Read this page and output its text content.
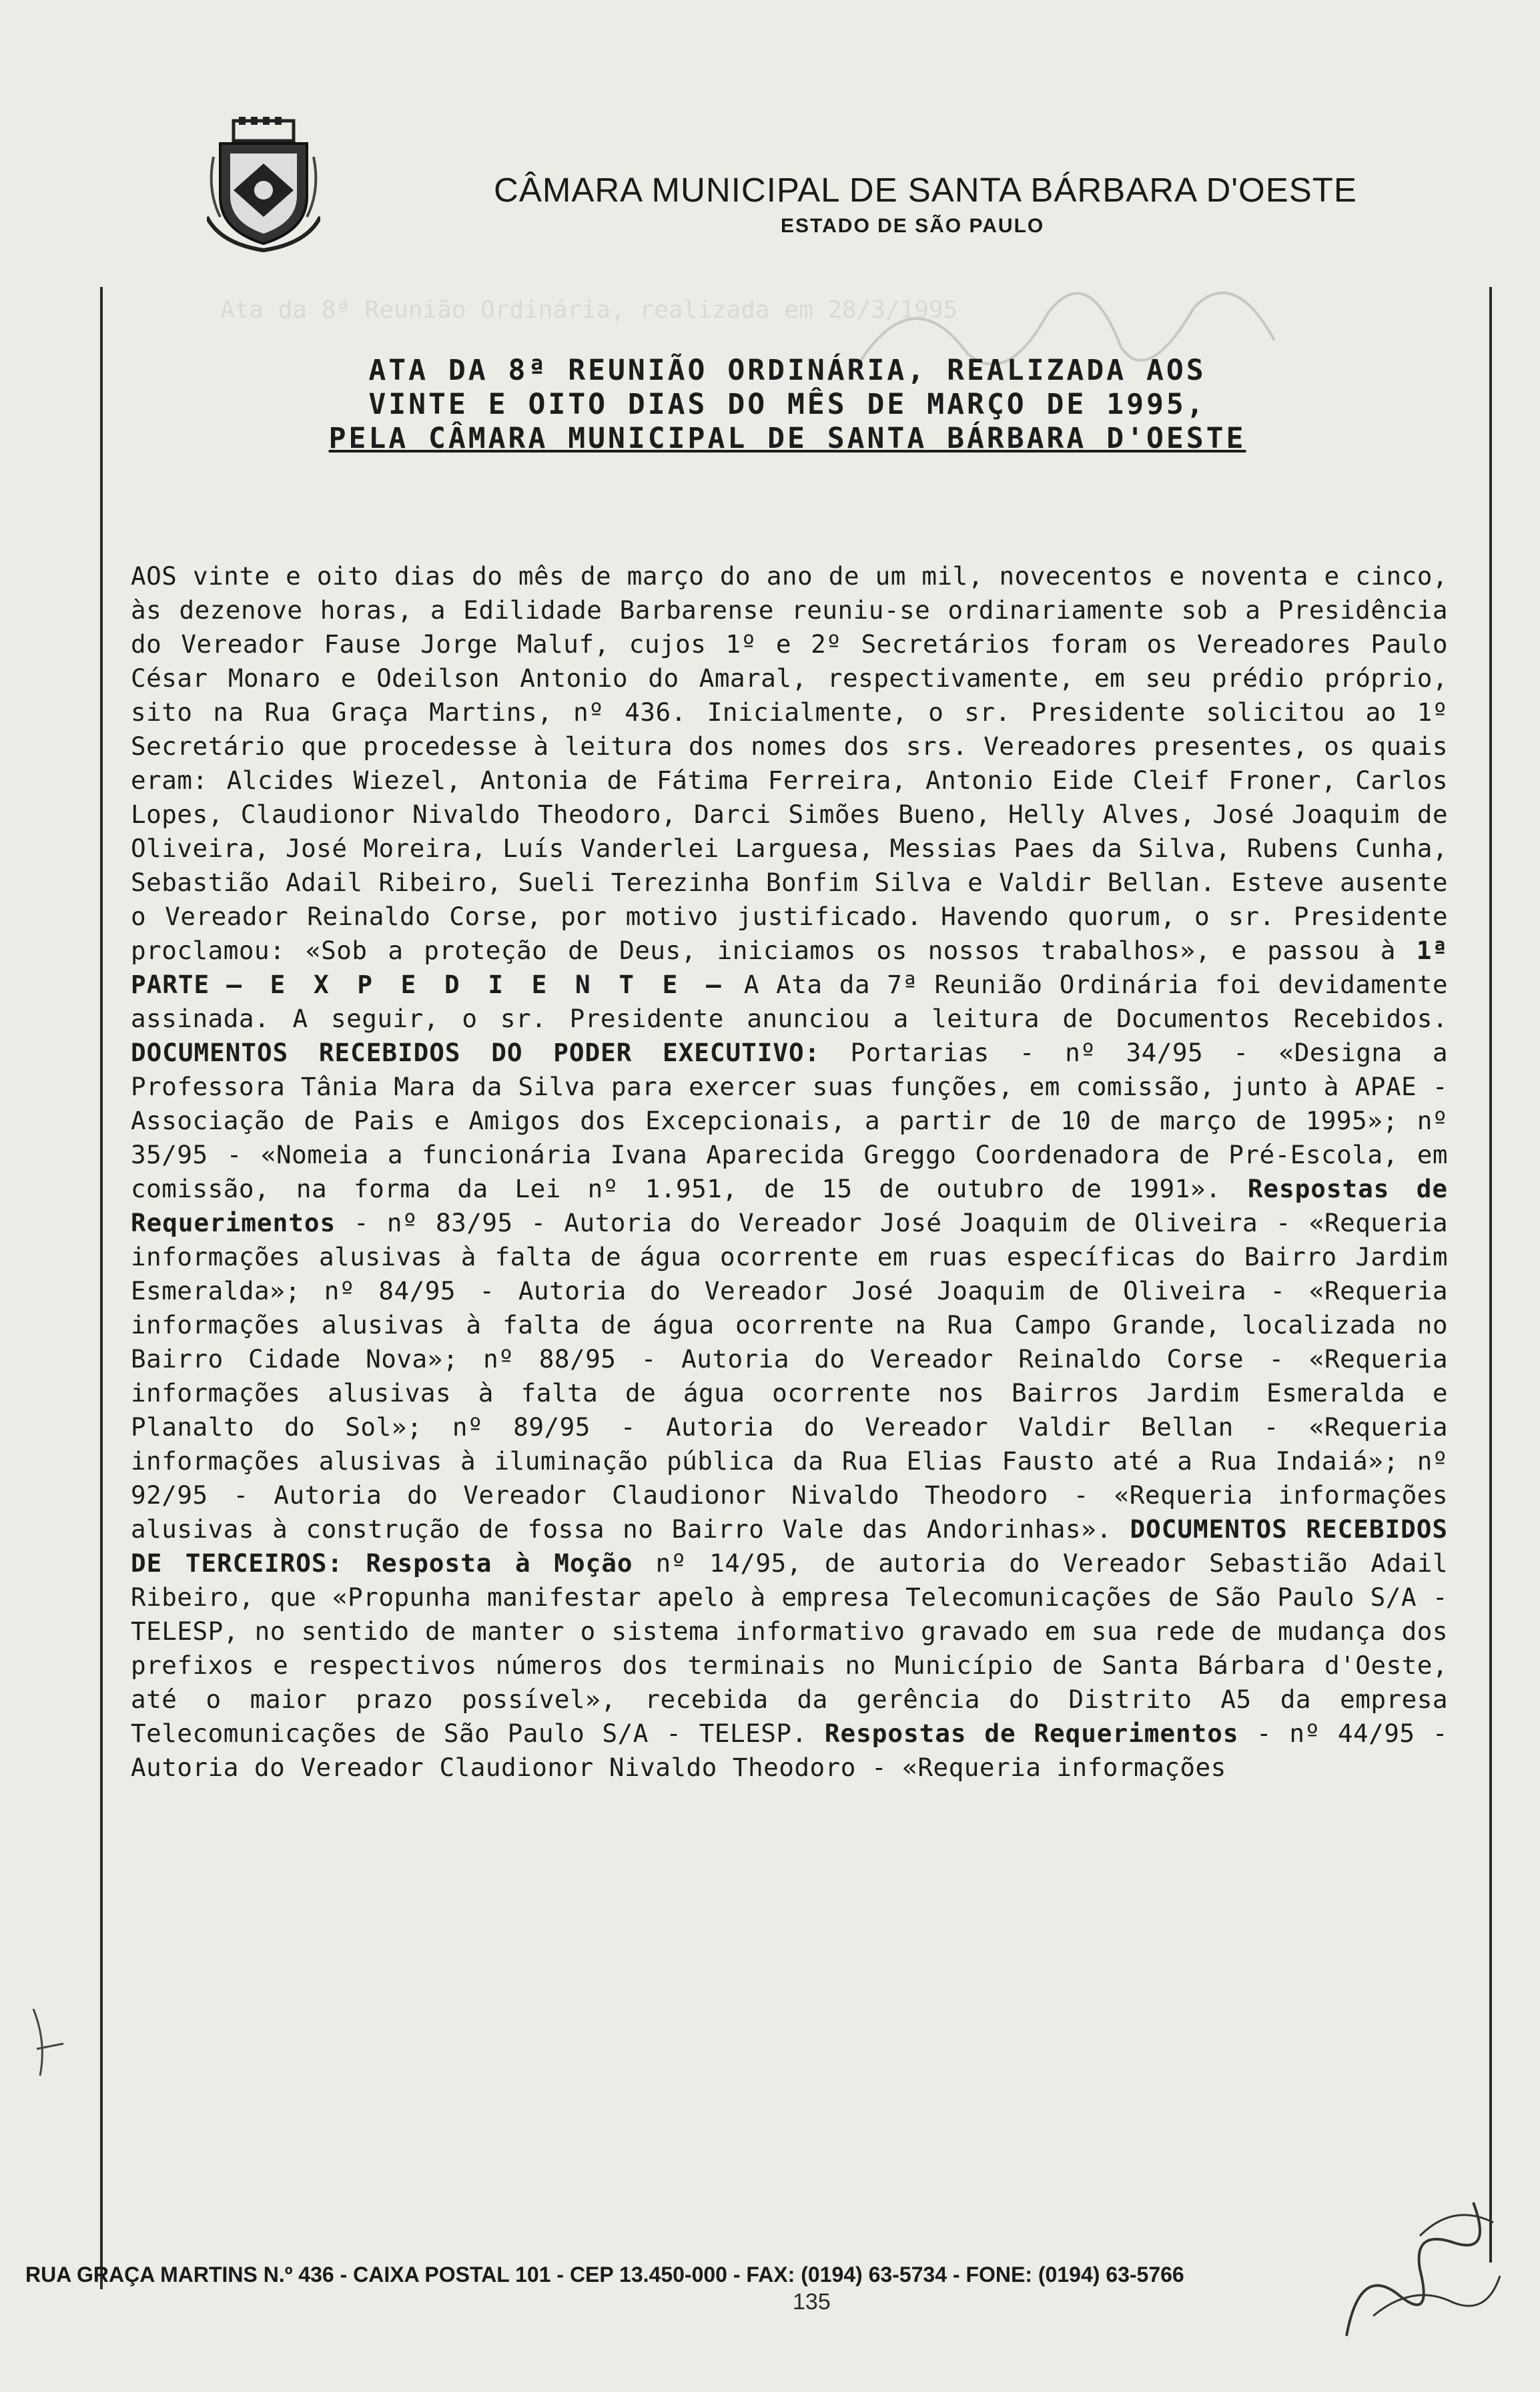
Ata da 8ª Reunião Ordinária, realizada em 28/3/1995
CÂMARA MUNICIPAL DE SANTA BÁRBARA D'OESTE
ESTADO DE SÃO PAULO
ATA DA 8ª REUNIÃO ORDINÁRIA, REALIZADA AOS
VINTE E OITO DIAS DO MÊS DE MARÇO DE 1995,
PELA CÂMARA MUNICIPAL DE SANTA BÁRBARA D'OESTE

AOS vinte e oito dias do mês de março do ano de um mil, novecentos e noventa e cinco, às dezenove horas, a Edilidade Barbarense reuniu-se ordinariamente sob a Presidência do Vereador Fause Jorge Maluf, cujos 1º e 2º Secretários foram os Vereadores Paulo César Monaro e Odeilson Antonio do Amaral, respectivamente, em seu prédio próprio, sito na Rua Graça Martins, nº 436. Inicialmente, o sr. Presidente solicitou ao 1º Secretário que procedesse à leitura dos nomes dos srs. Vereadores presentes, os quais eram: Alcides Wiezel, Antonia de Fátima Ferreira, Antonio Eide Cleif Froner, Carlos Lopes, Claudionor Nivaldo Theodoro, Darci Simões Bueno, Helly Alves, José Joaquim de Oliveira, José Moreira, Luís Vanderlei Larguesa, Messias Paes da Silva, Rubens Cunha, Sebastião Adail Ribeiro, Sueli Terezinha Bonfim Silva e Valdir Bellan. Esteve ausente o Vereador Reinaldo Corse, por motivo justificado. Havendo quorum, o sr. Presidente proclamou: «Sob a proteção de Deus, iniciamos os nossos trabalhos», e passou à 1ª PARTE — E X P E D I E N T E — A Ata da 7ª Reunião Ordinária foi devidamente assinada. A seguir, o sr. Presidente anunciou a leitura de Documentos Recebidos. DOCUMENTOS RECEBIDOS DO PODER EXECUTIVO: Portarias - nº 34/95 - «Designa a Professora Tânia Mara da Silva para exercer suas funções, em comissão, junto à APAE - Associação de Pais e Amigos dos Excepcionais, a partir de 10 de março de 1995»; nº 35/95 - «Nomeia a funcionária Ivana Aparecida Greggo Coordenadora de Pré-Escola, em comissão, na forma da Lei nº 1.951, de 15 de outubro de 1991». Respostas de Requerimentos - nº 83/95 - Autoria do Vereador José Joaquim de Oliveira - «Requeria informações alusivas à falta de água ocorrente em ruas específicas do Bairro Jardim Esmeralda»; nº 84/95 - Autoria do Vereador José Joaquim de Oliveira - «Requeria informações alusivas à falta de água ocorrente na Rua Campo Grande, localizada no Bairro Cidade Nova»; nº 88/95 - Autoria do Vereador Reinaldo Corse - «Requeria informações alusivas à falta de água ocorrente nos Bairros Jardim Esmeralda e Planalto do Sol»; nº 89/95 - Autoria do Vereador Valdir Bellan - «Requeria informações alusivas à iluminação pública da Rua Elias Fausto até a Rua Indaiá»; nº 92/95 - Autoria do Vereador Claudionor Nivaldo Theodoro - «Requeria informações alusivas à construção de fossa no Bairro Vale das Andorinhas». DOCUMENTOS RECEBIDOS DE TERCEIROS: Resposta à Moção nº 14/95, de autoria do Vereador Sebastião Adail Ribeiro, que «Propunha manifestar apelo à empresa Telecomunicações de São Paulo S/A - TELESP, no sentido de manter o sistema informativo gravado em sua rede de mudança dos prefixos e respectivos números dos terminais no Município de Santa Bárbara d'Oeste, até o maior prazo possível», recebida da gerência do Distrito A5 da empresa Telecomunicações de São Paulo S/A - TELESP. Respostas de Requerimentos - nº 44/95 - Autoria do Vereador Claudionor Nivaldo Theodoro - «Requeria informações

RUA GRAÇA MARTINS N.º 436 - CAIXA POSTAL 101 - CEP 13.450-000 - FAX: (0194) 63-5734 - FONE: (0194) 63-5766
135
